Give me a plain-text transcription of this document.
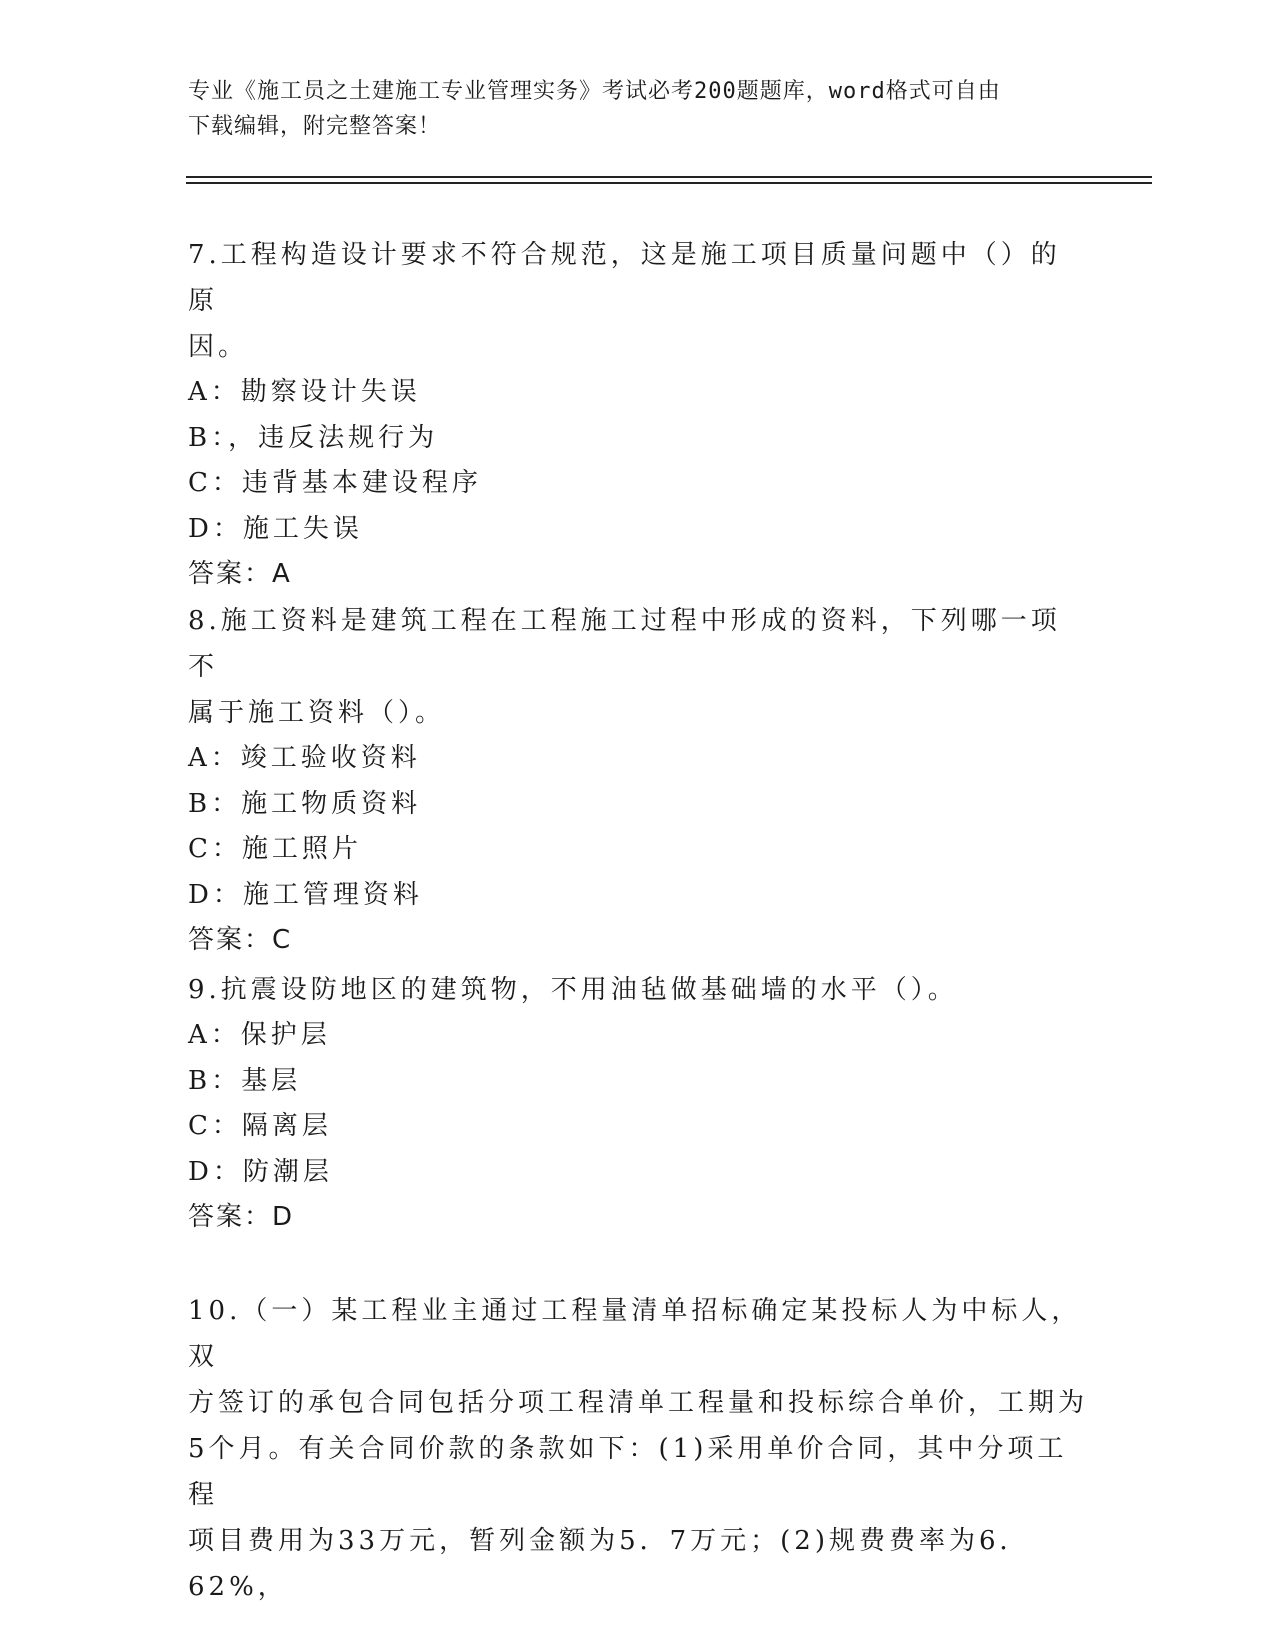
专业《施工员之土建施工专业管理实务》考试必考200题题库，word格式可自由
下载编辑，附完整答案！

7.工程构造设计要求不符合规范，这是施工项目质量问题中（）的原

因。

A：勘察设计失误

B：，违反法规行为

C：违背基本建设程序

D：施工失误

答案：A

8.施工资料是建筑工程在工程施工过程中形成的资料，下列哪一项不

属于施工资料（）。

A：竣工验收资料

B：施工物质资料

C：施工照片

D：施工管理资料

答案：C

9.抗震设防地区的建筑物，不用油毡做基础墙的水平（）。

A：保护层

B：基层

C：隔离层

D：防潮层

答案：D

10.（一）某工程业主通过工程量清单招标确定某投标人为中标人，双

方签订的承包合同包括分项工程清单工程量和投标综合单价，工期为

5个月。有关合同价款的条款如下：(1)采用单价合同，其中分项工程

项目费用为33万元，暂列金额为5．7万元；(2)规费费率为6．62%，
